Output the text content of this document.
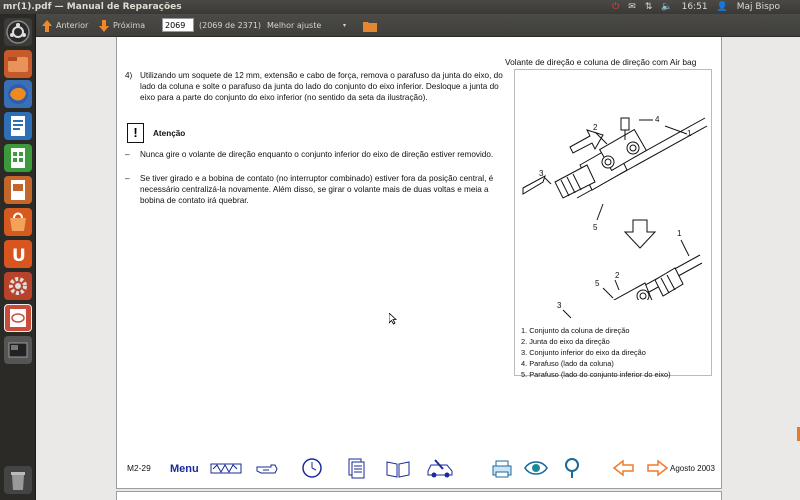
mr(1).pdf — Manual de Reparações	⏻ ✉ ⇅ 🔈 16:51 👤 Maj Bispo
U
Anterior	Próxima
2069	(2069 de 2371) Melhor ajuste	▾
Volante de direção e coluna de direção com Air bag
4) Utilizando um soquete de 12 mm, extensão e cabo de força, remova o parafuso da junta do eixo, do lado da coluna e solte o parafuso da junta do lado do conjunto do eixo inferior. Desloque a junta do eixo para a parte do conjunto do eixo inferior (no sentido da seta da ilustração).
!	Atenção
– Nunca gire o volante de direção enquanto o conjunto inferior do eixo de direção estiver removido.
– Se tiver girado e a bobina de contato (no interruptor combinado) estiver fora da posição central, é necessário centralizá-la novamente. Além disso, se girar o volante mais de duas voltas e meia a bobina de contato irá quebrar.
4
2
1
3
5
1
2
5
3
1. Conjunto da coluna de direção
2. Junta do eixo da direção
3. Conjunto inferior do eixo da direção
4. Parafuso (lado da coluna)
5. Parafuso (lado do conjunto inferior do eixo)
M2-29 Menu	Agosto 2003
